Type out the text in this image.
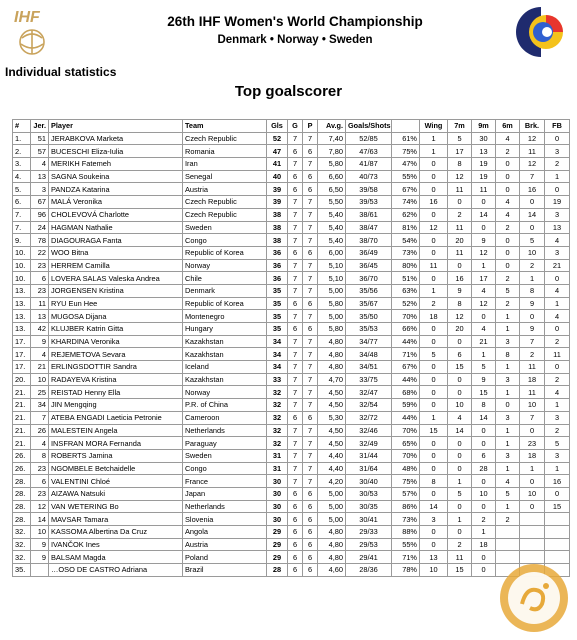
IHF	26th IHF Women's World Championship
Denmark • Norway • Sweden
Individual statistics
Top goalscorer
#	Jer.	Player	Team	Gls	G	P	Av.g.	Goals/Shots		Wing	7m	9m	6m	Brk.	FB
1.	51	JERABKOVA Marketa	Czech Republic	52	7	7	7,40	52/85	61%	1	5	30	4	12	0
2.	57	BUCESCHI Eliza-Iulia	Romania	47	6	6	7,80	47/63	75%	1	17	13	2	11	3
3.	4	MERIKH Fatemeh	Iran	41	7	7	5,80	41/87	47%	0	8	19	0	12	2
4.	13	SAGNA Soukeina	Senegal	40	6	6	6,60	40/73	55%	0	12	19	0	7	1
5.	3	PANDZA Katarina	Austria	39	6	6	6,50	39/58	67%	0	11	11	0	16	0
6.	67	MALÁ Veronika	Czech Republic	39	7	7	5,50	39/53	74%	16	0	0	4	0	19
7.	96	CHOLEVOVÁ Charlotte	Czech Republic	38	7	7	5,40	38/61	62%	0	2	14	4	14	3
7.	24	HAGMAN Nathalie	Sweden	38	7	7	5,40	38/47	81%	12	11	0	2	0	13
9.	78	DIAGOURAGA Fanta	Congo	38	7	7	5,40	38/70	54%	0	20	9	0	5	4
10.	22	WOO Bitna	Republic of Korea	36	6	6	6,00	36/49	73%	0	11	12	0	10	3
10.	23	HERREM Camilla	Norway	36	7	7	5,10	36/45	80%	11	0	1	0	2	21
10.	6	LOVERA SALAS Valeska Andrea	Chile	36	7	7	5,10	36/70	51%	0	16	17	2	1	0
13.	23	JORGENSEN Kristina	Denmark	35	7	7	5,00	35/56	63%	1	9	4	5	8	4
13.	11	RYU Eun Hee	Republic of Korea	35	6	6	5,80	35/67	52%	2	8	12	2	9	1
13.	13	MUGOSA Dijana	Montenegro	35	7	7	5,00	35/50	70%	18	12	0	1	0	4
13.	42	KLUJBER Katrin Gitta	Hungary	35	6	6	5,80	35/53	66%	0	20	4	1	9	0
17.	9	KHARDINA Veronika	Kazakhstan	34	7	7	4,80	34/77	44%	0	0	21	3	7	2
17.	4	REJEMETOVA Sevara	Kazakhstan	34	7	7	4,80	34/48	71%	5	6	1	8	2	11
17.	21	ERLINGSDOTTIR Sandra	Iceland	34	7	7	4,80	34/51	67%	0	15	5	1	11	0
20.	10	RADAYEVA Kristina	Kazakhstan	33	7	7	4,70	33/75	44%	0	0	9	3	18	2
21.	25	REISTAD Henny Ella	Norway	32	7	7	4,50	32/47	68%	0	0	15	1	11	4
21.	34	JIN Mengqing	P.R. of China	32	7	7	4,50	32/54	59%	0	10	8	0	10	1
21.	7	ATEBA ENGADI Laeticia Petronie	Cameroon	32	6	6	5,30	32/72	44%	1	4	14	3	7	3
21.	26	MALESTEIN Angela	Netherlands	32	7	7	4,50	32/46	70%	15	14	0	1	0	2
21.	4	INSFRAN MORA Fernanda	Paraguay	32	7	7	4,50	32/49	65%	0	0	0	1	23	5
26.	8	ROBERTS Jamina	Sweden	31	7	7	4,40	31/44	70%	0	0	6	3	18	3
26.	23	NGOMBELE Betchaidelle	Congo	31	7	7	4,40	31/64	48%	0	0	28	1	1	1
28.	6	VALENTINI Chloé	France	30	7	7	4,20	30/40	75%	8	1	0	4	0	16
28.	23	AIZAWA Natsuki	Japan	30	6	6	5,00	30/53	57%	0	5	10	5	10	0
28.	12	VAN WETERING Bo	Netherlands	30	6	6	5,00	30/35	86%	14	0	0	1	0	15
28.	14	MAVSAR Tamara	Slovenia	30	6	6	5,00	30/41	73%	3	1	2	2		
32.	10	KASSOMA Albertina Da Cruz	Angola	29	6	6	4,80	29/33	88%	0	0	1			
32.	9	IVANČOK Ines	Austria	29	6	6	4,80	29/53	55%	0	2	18			
32.	9	BALSAM Magda	Poland	29	6	6	4,80	29/41	71%	13	11	0			
35.		…OSO DE CASTRO Adriana	Brazil	28	6	6	4,60	28/36	78%	10	15	0			
